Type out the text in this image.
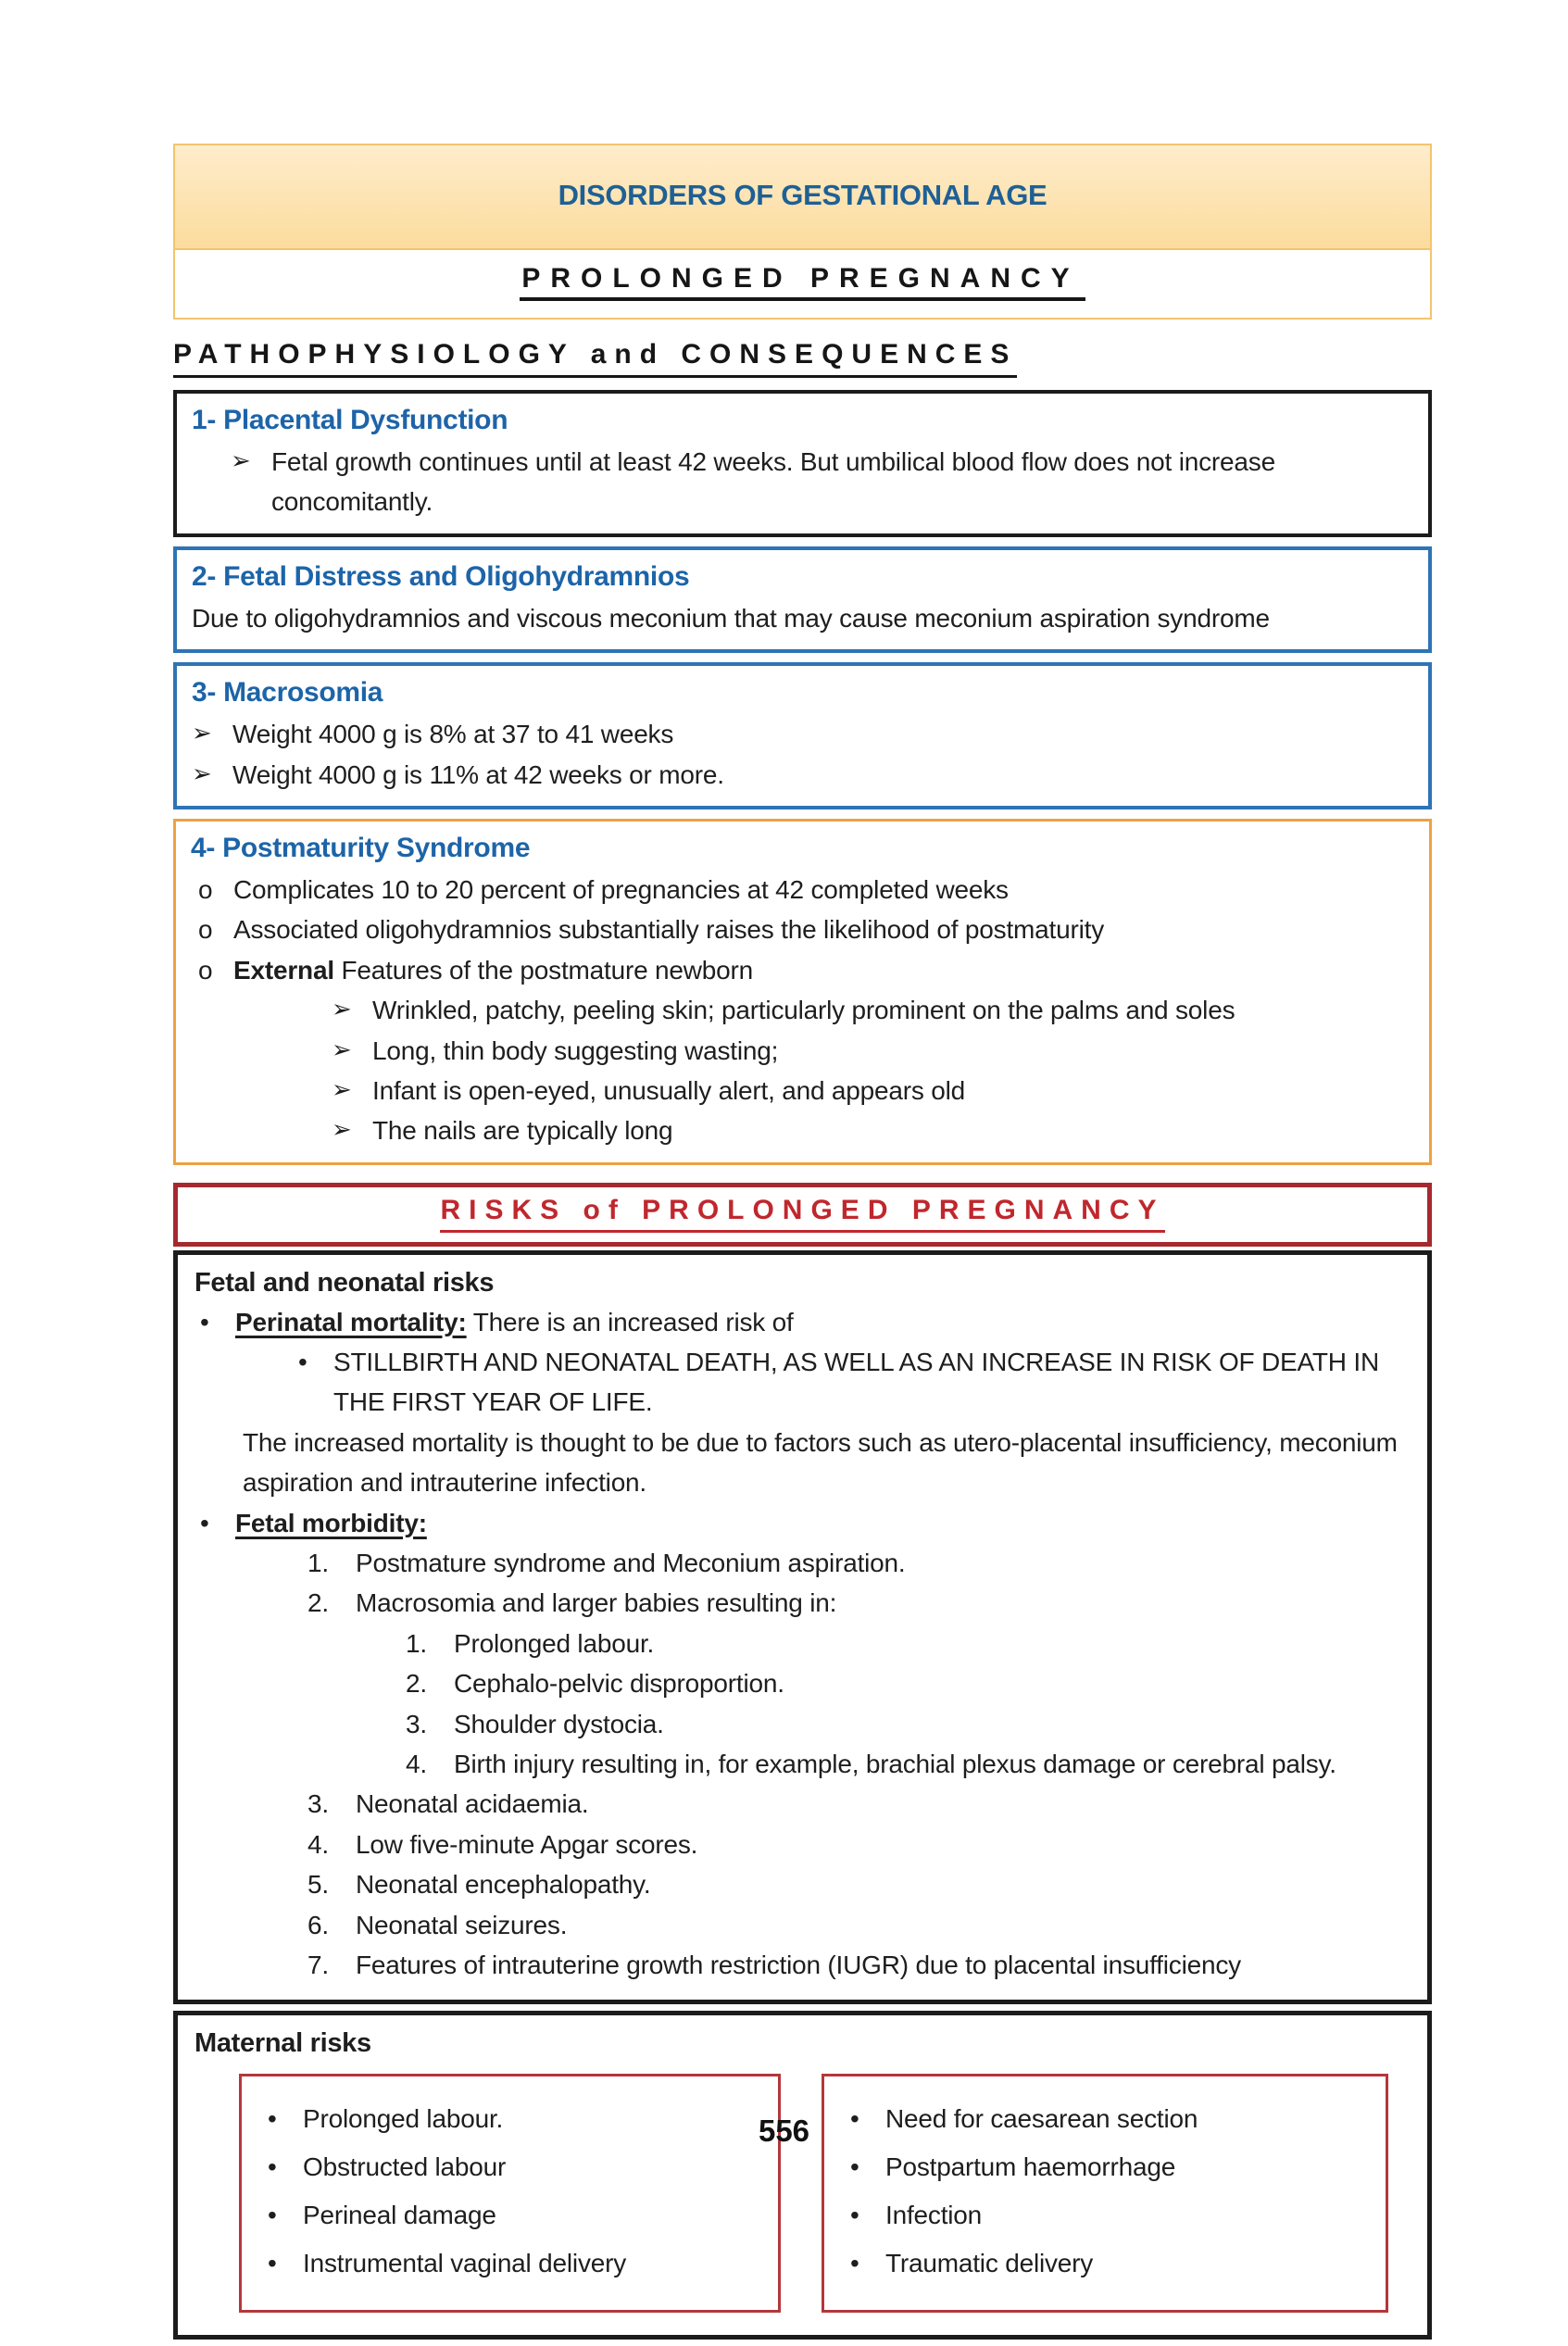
DISORDERS OF GESTATIONAL AGE
PROLONGED PREGNANCY
PATHOPHYSIOLOGY and CONSEQUENCES
1- Placental Dysfunction
➢ Fetal growth continues until at least 42 weeks. But umbilical blood flow does not increase concomitantly.
2- Fetal Distress and Oligohydramnios
Due to oligohydramnios and viscous meconium that may cause meconium aspiration syndrome
3- Macrosomia
➢ Weight 4000 g is 8% at 37 to 41 weeks
➢ Weight 4000 g is 11% at 42 weeks or more.
4- Postmaturity Syndrome
o Complicates 10 to 20 percent of pregnancies at 42 completed weeks
o Associated oligohydramnios substantially raises the likelihood of postmaturity
o External Features of the postmature newborn
➢ Wrinkled, patchy, peeling skin; particularly prominent on the palms and soles
➢ Long, thin body suggesting wasting;
➢ Infant is open-eyed, unusually alert, and appears old
➢ The nails are typically long
RISKS of PROLONGED PREGNANCY
Fetal and neonatal risks
•	Perinatal mortality: There is an increased risk of
•	STILLBIRTH AND NEONATAL DEATH, AS WELL AS AN INCREASE IN RISK OF DEATH IN THE FIRST YEAR OF LIFE.
The increased mortality is thought to be due to factors such as utero-placental insufficiency, meconium aspiration and intrauterine infection.
•	Fetal morbidity:
1.	Postmature syndrome and Meconium aspiration.
2.	Macrosomia and larger babies resulting in:
1.	Prolonged labour.
2.	Cephalo-pelvic disproportion.
3.	Shoulder dystocia.
4.	Birth injury resulting in, for example, brachial plexus damage or cerebral palsy.
3.	Neonatal acidaemia.
4.	Low five-minute Apgar scores.
5.	Neonatal encephalopathy.
6.	Neonatal seizures.
7.	Features of intrauterine growth restriction (IUGR) due to placental insufficiency
Maternal risks
•	Prolonged labour.
•	Obstructed labour
•	Perineal damage
•	Instrumental vaginal delivery
•	Need for caesarean section
•	Postpartum haemorrhage
•	Infection
•	Traumatic delivery
556
